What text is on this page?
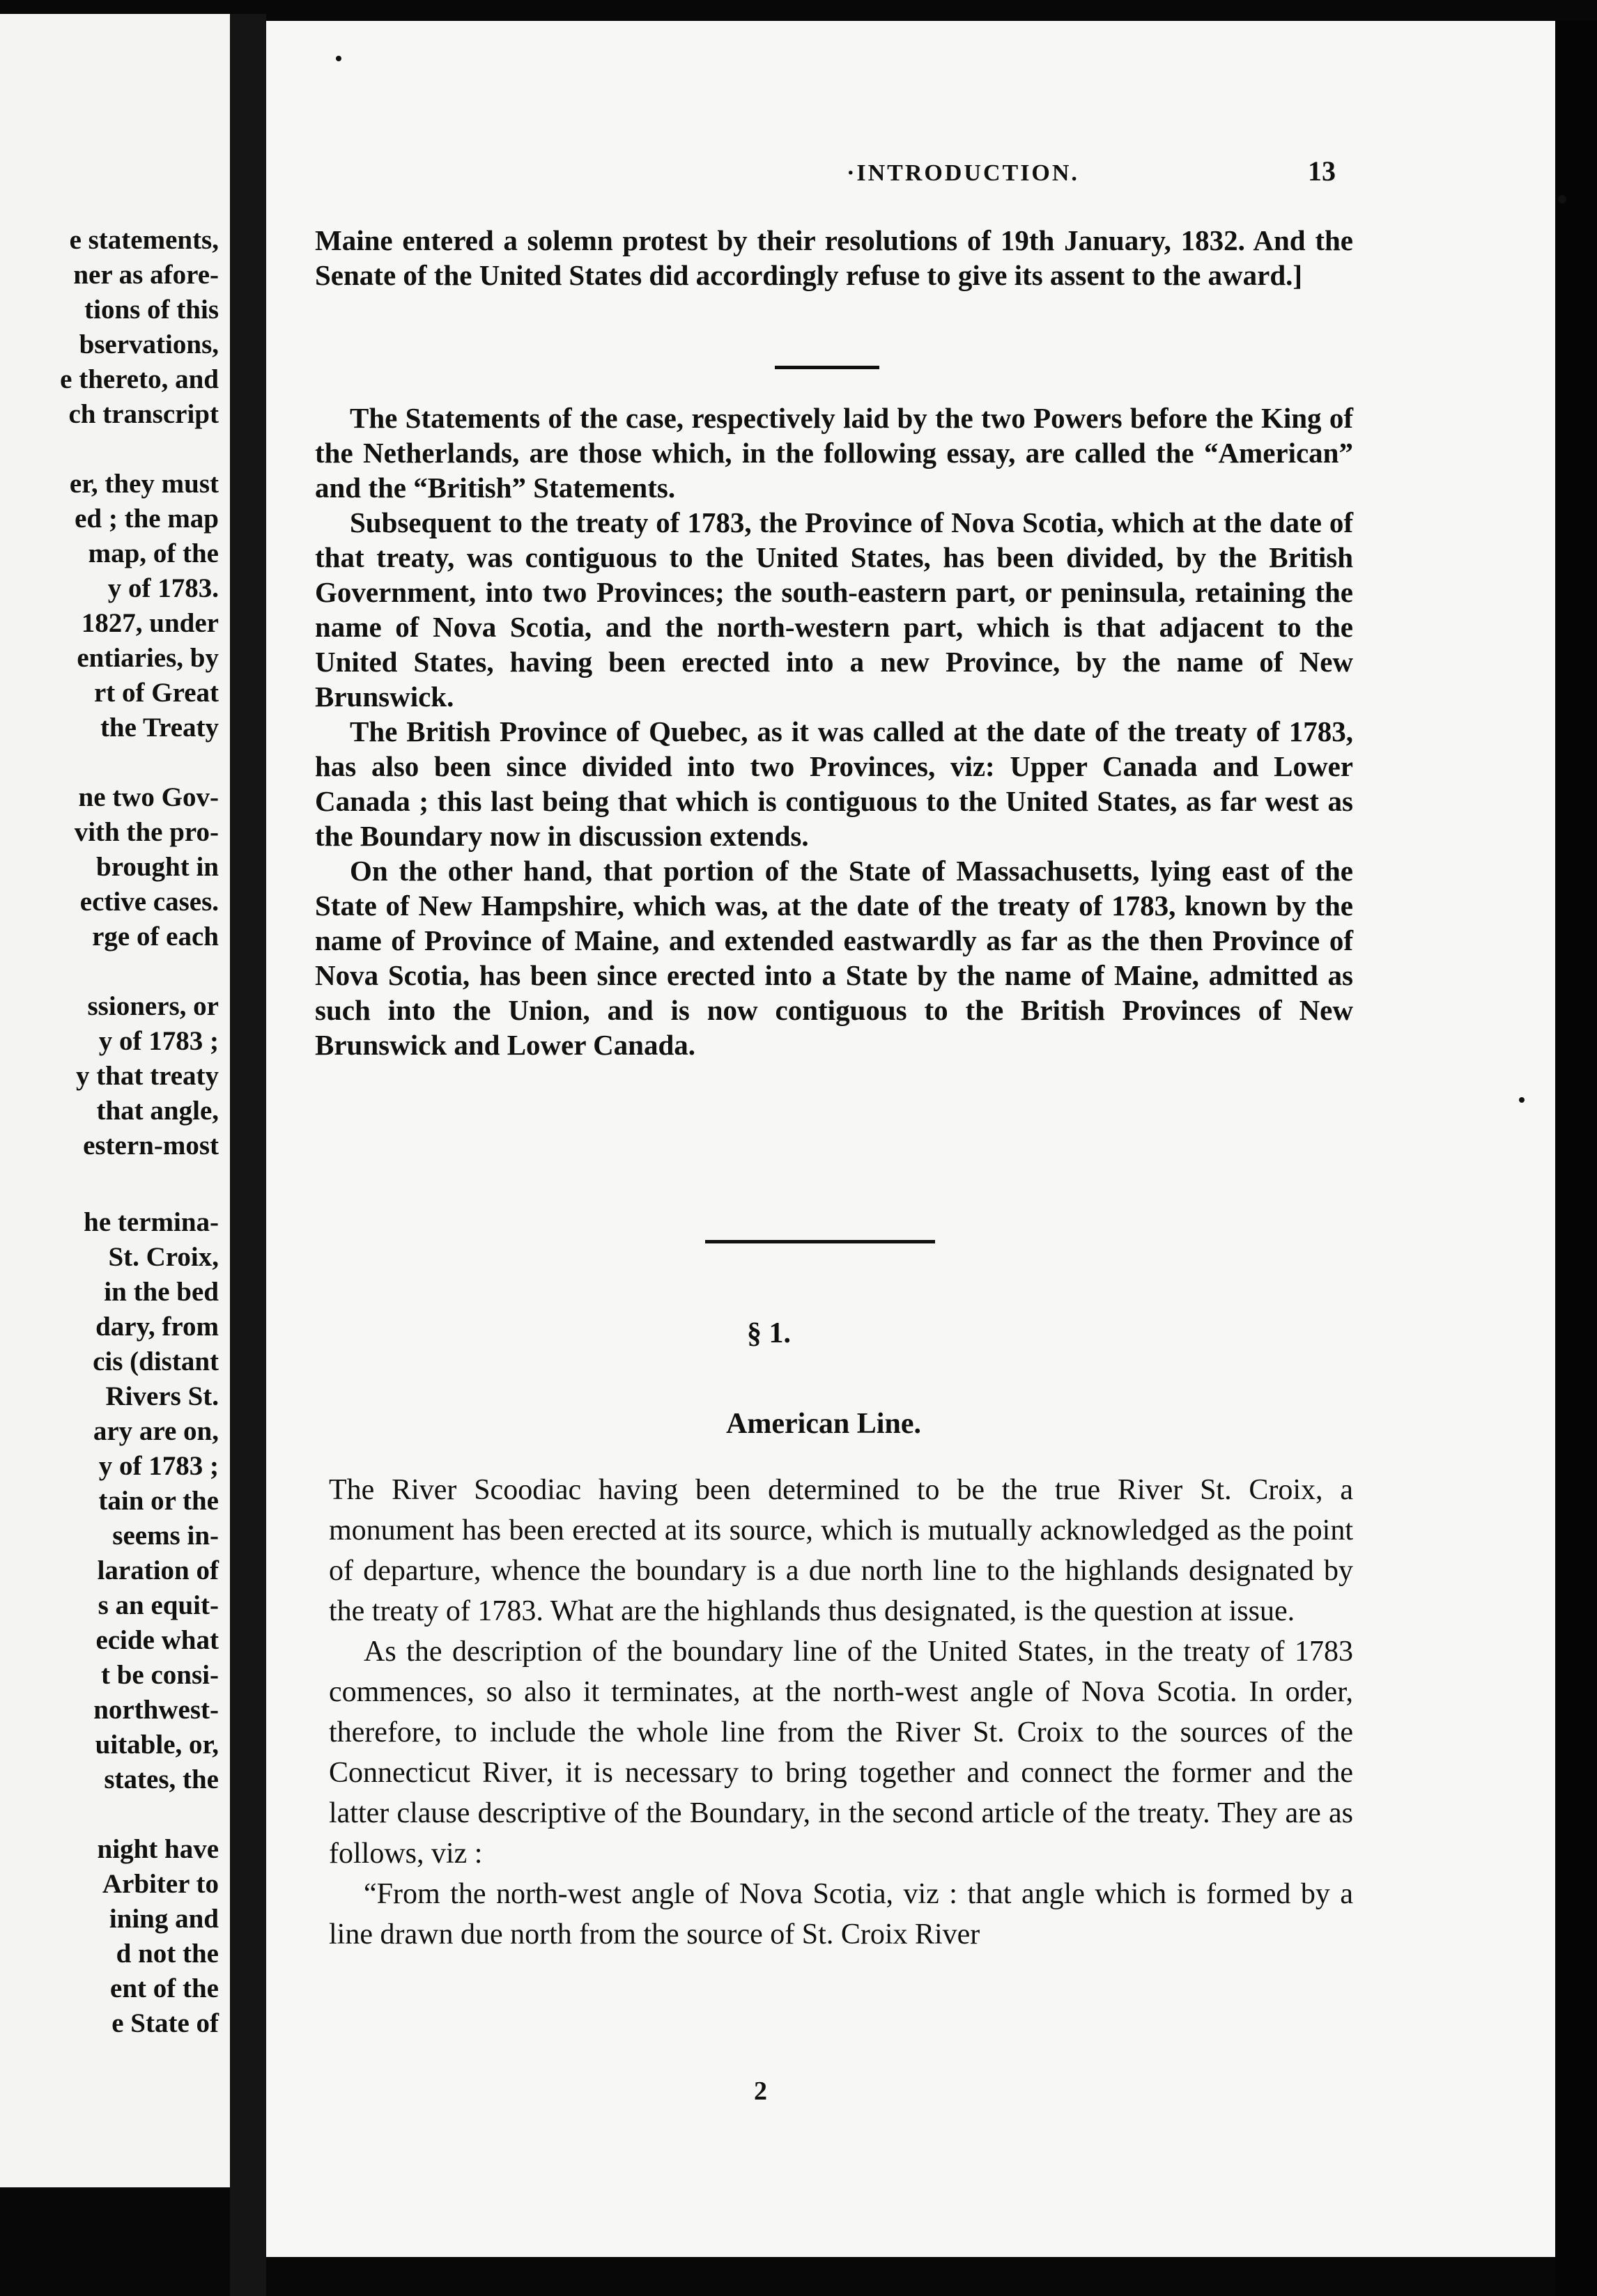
e statements,
ner as afore-
tions of this
bservations,
e thereto, and
ch transcript
er, they must
ed ; the map
map, of the
y of 1783.
1827, under
entiaries, by
rt of Great
the Treaty
ne two Gov-
vith the pro-
brought in
ective cases.
rge of each
ssioners, or
y of 1783 ;
y that treaty
that angle,
estern-most
he termina-
St. Croix,
in the bed
dary, from
cis (distant
Rivers St.
ary are on,
y of 1783 ;
tain or the
seems in-
laration of
s an equit-
ecide what
t be consi-
northwest-
uitable, or,
states, the
night have
Arbiter to
ining and
d not the
ent of the
e State of
·INTRODUCTION.	13

Maine entered a solemn protest by their resolutions of 19th January, 1832. And the Senate of the United States did accordingly refuse to give its assent to the award.]

The Statements of the case, respectively laid by the two Powers before the King of the Netherlands, are those which, in the following essay, are called the “American” and the “British” Statements.

Subsequent to the treaty of 1783, the Province of Nova Scotia, which at the date of that treaty, was contiguous to the United States, has been divided, by the British Government, into two Provinces; the south-eastern part, or peninsula, retaining the name of Nova Scotia, and the north-western part, which is that adjacent to the United States, having been erected into a new Province, by the name of New Brunswick.

The British Province of Quebec, as it was called at the date of the treaty of 1783, has also been since divided into two Provinces, viz: Upper Canada and Lower Canada ; this last being that which is contiguous to the United States, as far west as the Boundary now in discussion extends.

On the other hand, that portion of the State of Massachusetts, lying east of the State of New Hampshire, which was, at the date of the treaty of 1783, known by the name of Province of Maine, and extended eastwardly as far as the then Province of Nova Scotia, has been since erected into a State by the name of Maine, admitted as such into the Union, and is now contiguous to the British Provinces of New Brunswick and Lower Canada.

§ 1.
American Line.

The River Scoodiac having been determined to be the true River St. Croix, a monument has been erected at its source, which is mutually acknowledged as the point of departure, whence the boundary is a due north line to the highlands designated by the treaty of 1783. What are the highlands thus designated, is the question at issue.

As the description of the boundary line of the United States, in the treaty of 1783 commences, so also it terminates, at the north-west angle of Nova Scotia. In order, therefore, to include the whole line from the River St. Croix to the sources of the Connecticut River, it is necessary to bring together and connect the former and the latter clause descriptive of the Boundary, in the second article of the treaty. They are as follows, viz :

“From the north-west angle of Nova Scotia, viz : that angle which is formed by a line drawn due north from the source of St. Croix River

2
